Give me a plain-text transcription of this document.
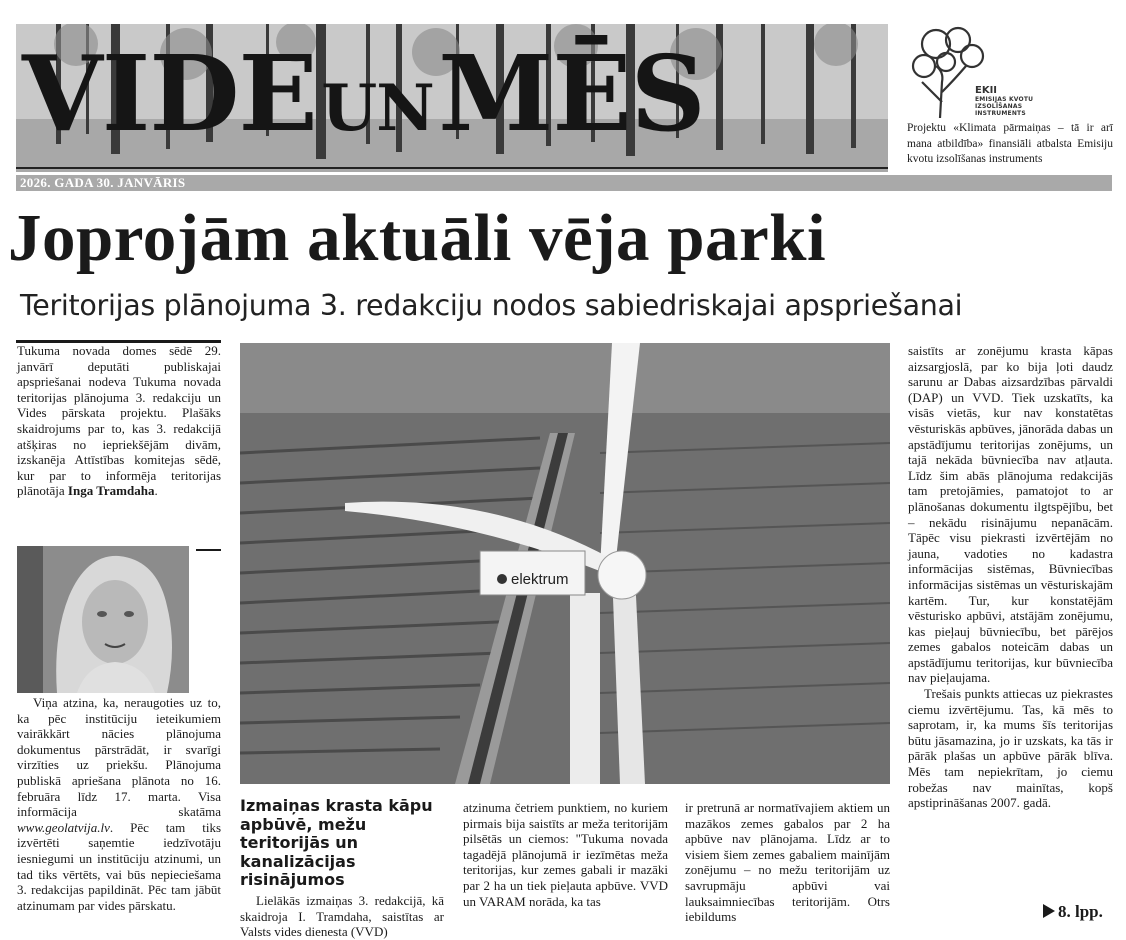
VIDE UN MĒS	EKII
EMISIJAS KVOTU
IZSOLĪŠANAS
INSTRUMENTS
Projektu «Klimata pārmaiņas – tā ir arī mana atbildība» finansiāli atbalsta Emisiju kvotu izsolīšanas instruments
2026. GADA 30. JANVĀRIS
Joprojām aktuāli vēja parki
Teritorijas plānojuma 3. redakciju nodos sabiedriskajai apspriešanai

Tukuma novada domes sēdē 29. janvārī deputāti publiskajai apspriešanai nodeva Tukuma novada teritorijas plānojuma 3. redakciju un Vides pārskata projektu. Plašāks skaidrojums par to, kas 3. redakcijā atšķiras no iepriekšējām divām, izskanēja Attīstības komitejas sēdē, kur par to informēja teritorijas plānotāja Inga Tramdaha.

Viņa atzina, ka, neraugoties uz to, ka pēc institūciju ieteikumiem vairākkārt nācies plānojuma dokumentus pārstrādāt, ir svarīgi virzīties uz priekšu. Plānojuma publiskā apriešana plānota no 16. februāra līdz 17. marta. Visa informācija skatāma www.geolatvija.lv. Pēc tam tiks izvērtēti saņemtie iedzīvotāju iesniegumi un institūciju atzinumi, un tad tiks vērtēts, vai būs nepieciešama 3. redakcijas papildināt. Pēc tam jābūt atzinumam par vides pārskatu.

elektrum
Izmaiņas krasta kāpu apbūvē, mežu teritorijās un kanalizācijas risinājumos
Lielākās izmaiņas 3. redakcijā, kā skaidroja I. Tramdaha, saistītas ar Valsts vides dienesta (VVD)
atzinuma četriem punktiem, no kuriem pirmais bija saistīts ar meža teritorijām pilsētās un ciemos: "Tukuma novada tagadējā plānojumā ir iezīmētas meža teritorijas, kur zemes gabali ir mazāki par 2 ha un tiek pieļauta apbūve. VVD un VARAM norāda, ka tas
ir pretrunā ar normatīvajiem aktiem un mazākos zemes gabalos par 2 ha apbūve nav plānojama. Līdz ar to visiem šiem zemes gabaliem mainījām zonējumu – no mežu teritorijām uz savrupmāju apbūvi vai lauksaimniecības teritorijām. Otrs iebildums

saistīts ar zonējumu krasta kāpas aizsargjoslā, par ko bija ļoti daudz sarunu ar Dabas aizsardzības pārvaldi (DAP) un VVD. Tiek uzskatīts, ka visās vietās, kur nav konstatētas vēsturiskās apbūves, jānorāda dabas un apstādījumu teritorijas zonējums, un tajā nekāda būvniecība nav atļauta. Līdz šim abās plānojuma redakcijās tam pretojāmies, pamatojot to ar plānošanas dokumentu ilgtspējību, bet – nekādu risinājumu nepanācām. Tāpēc visu piekrasti izvērtējām no jauna, vadoties no kadastra informācijas sistēmas, Būvniecības informācijas sistēmas un vēsturiskajām kartēm. Tur, kur konstatējām vēsturisko apbūvi, atstājām zonējumu, kas pieļauj būvniecību, bet pārējos zemes gabalos noteicām dabas un apstādījumu teritorijas, kur būvniecība nav pieļaujama.

Trešais punkts attiecas uz piekrastes ciemu izvērtējumu. Tas, kā mēs to saprotam, ir, ka mums šīs teritorijas būtu jāsamazina, jo ir uzskats, ka tās ir pārāk plašas un apbūve pārāk blīva. Mēs tam nepiekrītam, jo ciemu robežas nav mainītas, kopš apstiprināšanas 2007. gadā.

8. lpp.
